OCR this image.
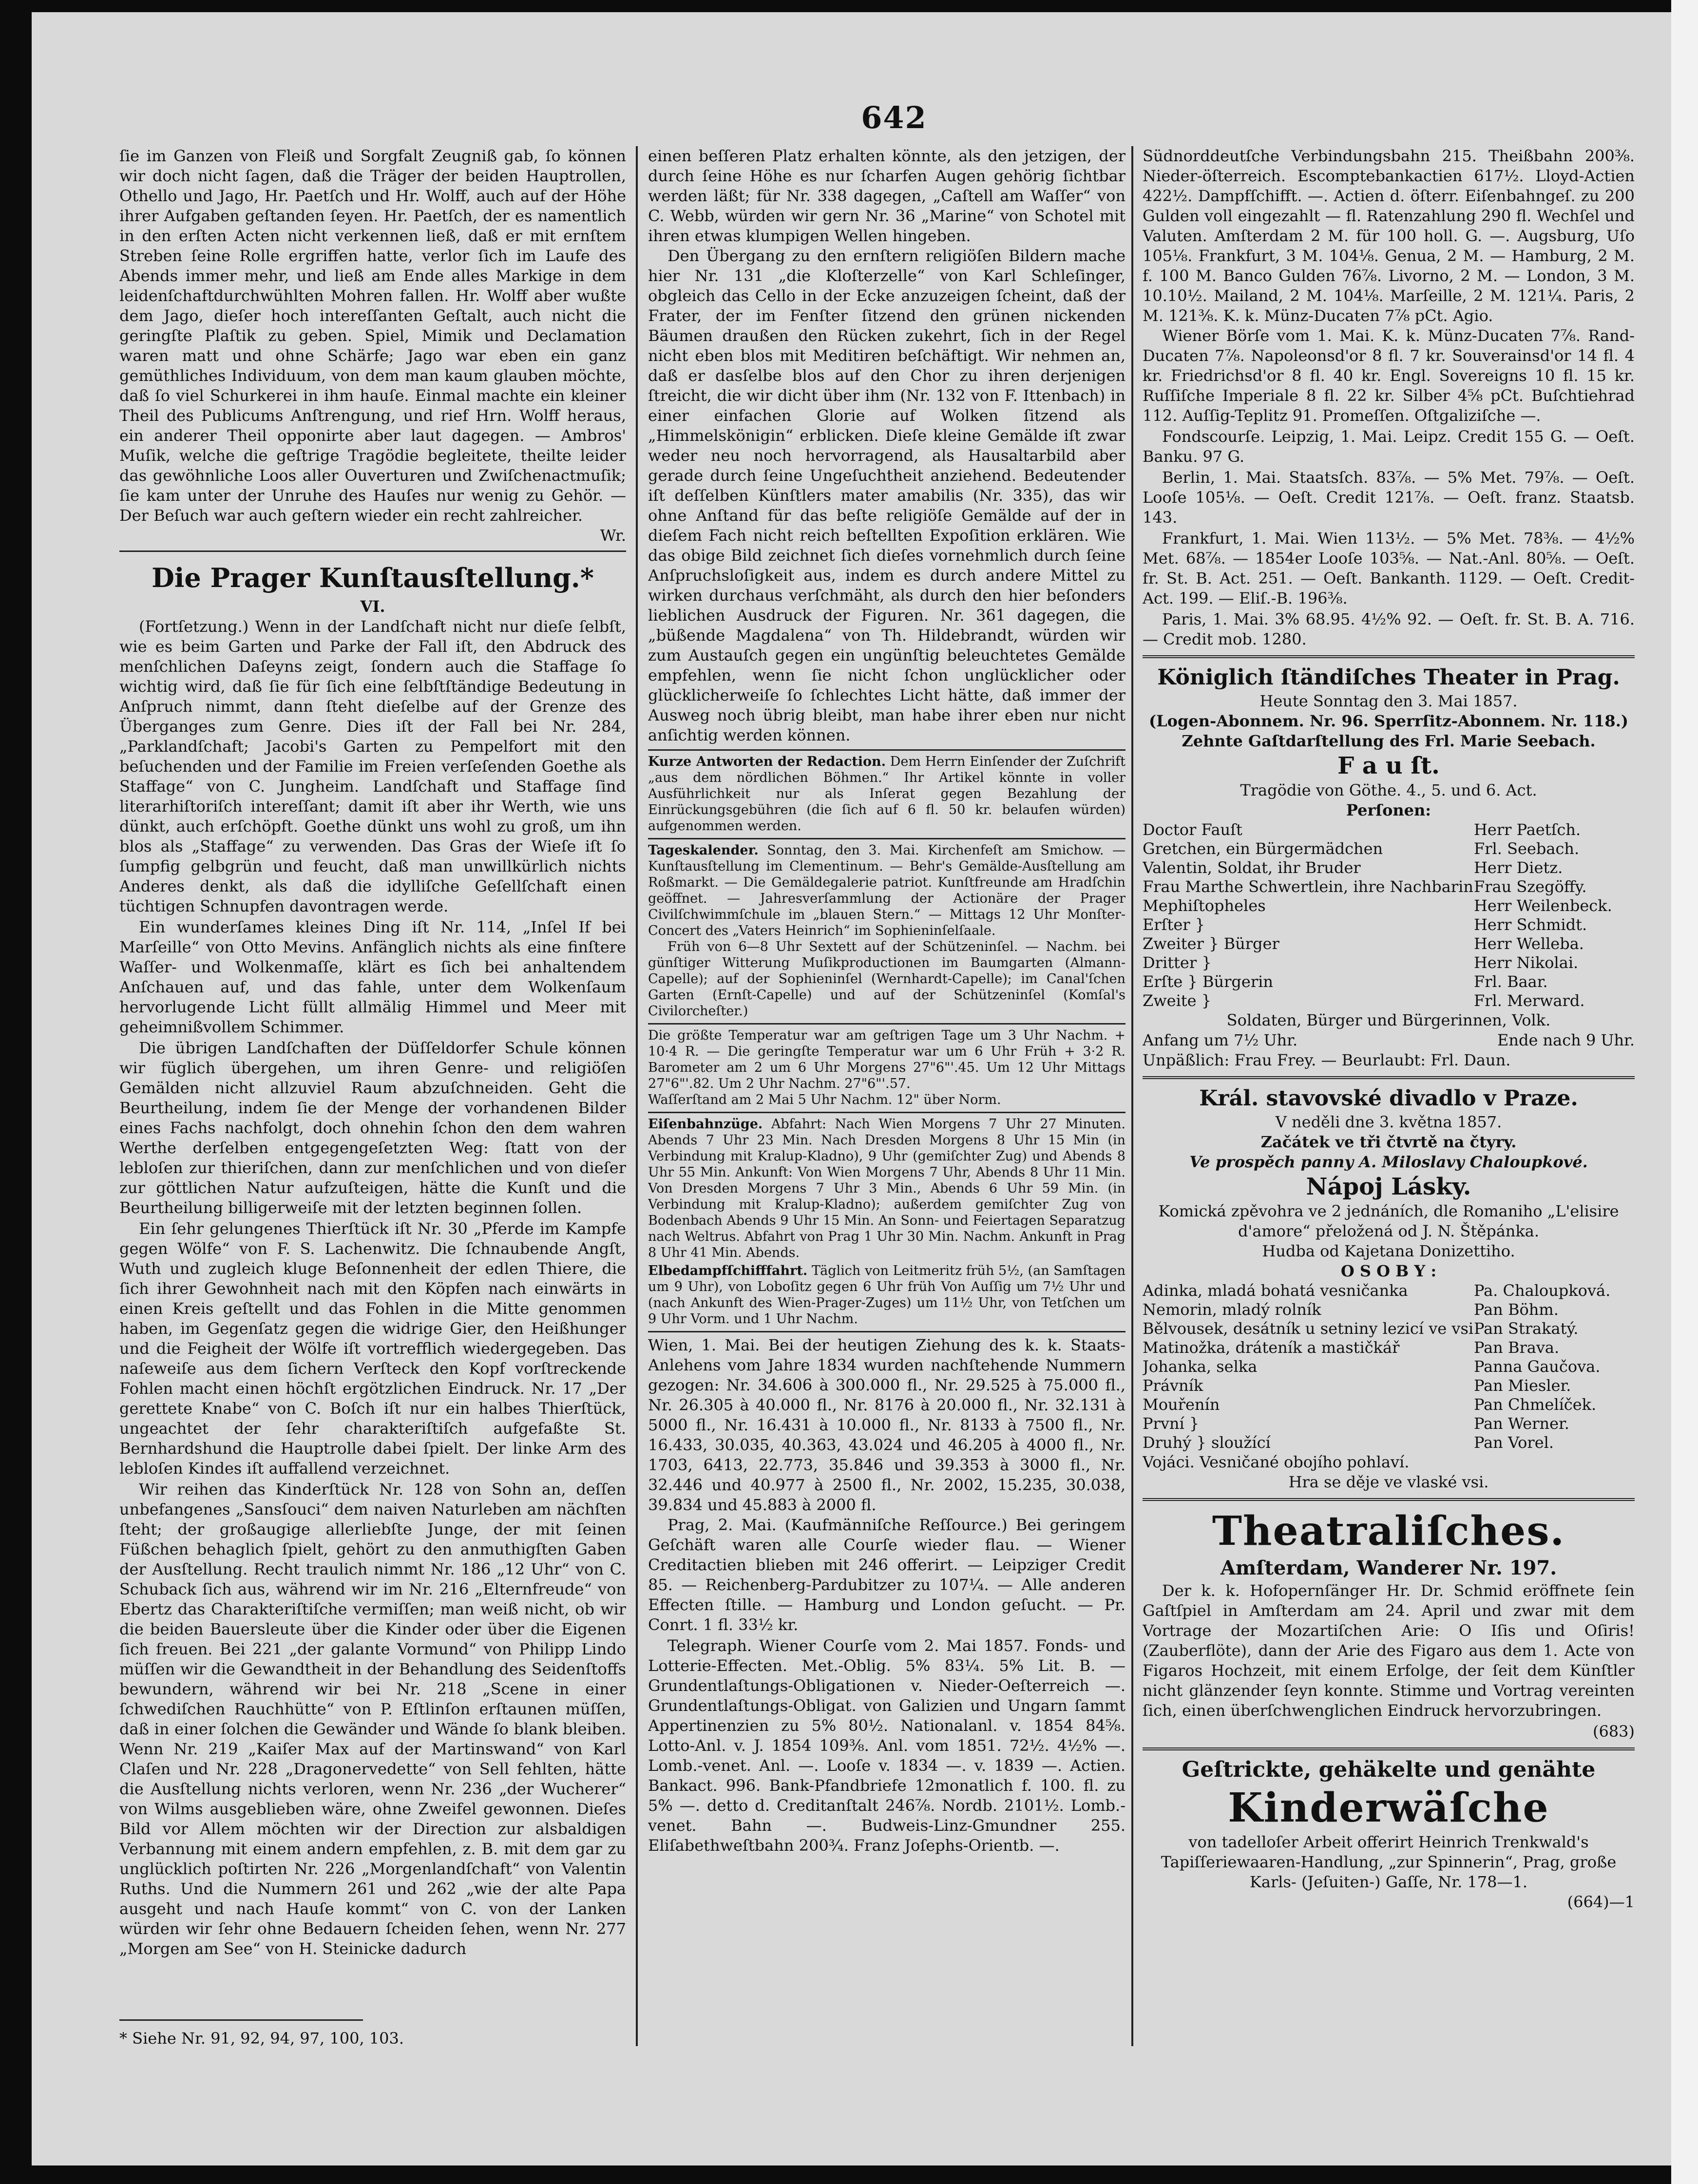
642

ſie im Ganzen von Fleiß und Sorgfalt Zeugniß gab, ſo können wir doch nicht ſagen, daß die Träger der beiden Hauptrollen, Othello und Jago, Hr. Paetſch und Hr. Wolff, auch auf der Höhe ihrer Aufgaben geſtanden ſeyen. Hr. Paetſch, der es namentlich in den erſten Acten nicht verkennen ließ, daß er mit ernſtem Streben ſeine Rolle ergriffen hatte, verlor ſich im Laufe des Abends immer mehr, und ließ am Ende alles Markige in dem leidenſchaftdurchwühlten Mohren fallen. Hr. Wolff aber wußte dem Jago, dieſer hoch intereſſanten Geſtalt, auch nicht die geringſte Plaſtik zu geben. Spiel, Mimik und Declamation waren matt und ohne Schärfe; Jago war eben ein ganz gemüthliches Individuum, von dem man kaum glauben möchte, daß ſo viel Schurkerei in ihm hauſe. Einmal machte ein kleiner Theil des Publicums Anſtrengung, und rief Hrn. Wolff heraus, ein anderer Theil opponirte aber laut dagegen. — Ambros' Muſik, welche die geſtrige Tragödie begleitete, theilte leider das gewöhnliche Loos aller Ouverturen und Zwiſchenactmuſik; ſie kam unter der Unruhe des Hauſes nur wenig zu Gehör. — Der Beſuch war auch geſtern wieder ein recht zahlreicher.

Wr.

Die Prager Kunſtausſtellung.*

VI.

(Fortſetzung.) Wenn in der Landſchaft nicht nur dieſe ſelbſt, wie es beim Garten und Parke der Fall iſt, den Abdruck des menſchlichen Daſeyns zeigt, ſondern auch die Staffage ſo wichtig wird, daß ſie für ſich eine ſelbſtſtändige Bedeutung in Anſpruch nimmt, dann ſteht dieſelbe auf der Grenze des Überganges zum Genre. Dies iſt der Fall bei Nr. 284, „Parklandſchaft; Jacobi's Garten zu Pempelfort mit den beſuchenden und der Familie im Freien verſeſenden Goethe als Staffage“ von C. Jungheim. Landſchaft und Staffage ſind literarhiſtoriſch intereſſant; damit iſt aber ihr Werth, wie uns dünkt, auch erſchöpft. Goethe dünkt uns wohl zu groß, um ihn blos als „Staffage“ zu verwenden. Das Gras der Wieſe iſt ſo ſumpfig gelbgrün und feucht, daß man unwillkürlich nichts Anderes denkt, als daß die idylliſche Geſellſchaft einen tüchtigen Schnupfen davontragen werde.

Ein wunderſames kleines Ding iſt Nr. 114, „Inſel If bei Marſeille“ von Otto Mevins. Anfänglich nichts als eine finſtere Waſſer- und Wolkenmaſſe, klärt es ſich bei anhaltendem Anſchauen auf, und das fahle, unter dem Wolkenſaum hervorlugende Licht füllt allmälig Himmel und Meer mit geheimnißvollem Schimmer.

Die übrigen Landſchaften der Düſſeldorfer Schule können wir füglich übergehen, um ihren Genre- und religiöſen Gemälden nicht allzuviel Raum abzuſchneiden. Geht die Beurtheilung, indem ſie der Menge der vorhandenen Bilder eines Fachs nachfolgt, doch ohnehin ſchon den dem wahren Werthe derſelben entgegengeſetzten Weg: ſtatt von der lebloſen zur thieriſchen, dann zur menſchlichen und von dieſer zur göttlichen Natur aufzuſteigen, hätte die Kunſt und die Beurtheilung billigerweiſe mit der letzten beginnen ſollen.

Ein ſehr gelungenes Thierſtück iſt Nr. 30 „Pferde im Kampfe gegen Wölfe“ von F. S. Lachenwitz. Die ſchnaubende Angſt, Wuth und zugleich kluge Beſonnenheit der edlen Thiere, die ſich ihrer Gewohnheit nach mit den Köpfen nach einwärts in einen Kreis geſtellt und das Fohlen in die Mitte genommen haben, im Gegenſatz gegen die widrige Gier, den Heißhunger und die Feigheit der Wölfe iſt vortrefflich wiedergegeben. Das naſeweiſe aus dem ſichern Verſteck den Kopf vorſtreckende Fohlen macht einen höchſt ergötzlichen Eindruck. Nr. 17 „Der gerettete Knabe“ von C. Boſch iſt nur ein halbes Thierſtück, ungeachtet der ſehr charakteriſtiſch aufgefaßte St. Bernhardshund die Hauptrolle dabei ſpielt. Der linke Arm des lebloſen Kindes iſt auffallend verzeichnet.

Wir reihen das Kinderſtück Nr. 128 von Sohn an, deſſen unbefangenes „Sansſouci“ dem naiven Naturleben am nächſten ſteht; der großaugige allerliebſte Junge, der mit ſeinen Füßchen behaglich ſpielt, gehört zu den anmuthigſten Gaben der Ausſtellung. Recht traulich nimmt Nr. 186 „12 Uhr“ von C. Schuback ſich aus, während wir im Nr. 216 „Elternfreude“ von Ebertz das Charakteriſtiſche vermiſſen; man weiß nicht, ob wir die beiden Bauersleute über die Kinder oder über die Eigenen ſich freuen. Bei 221 „der galante Vormund“ von Philipp Lindo müſſen wir die Gewandtheit in der Behandlung des Seidenſtoffs bewundern, während wir bei Nr. 218 „Scene in einer ſchwediſchen Rauchhütte“ von P. Eſtlinſon erſtaunen müſſen, daß in einer ſolchen die Gewänder und Wände ſo blank bleiben. Wenn Nr. 219 „Kaiſer Max auf der Martinswand“ von Karl Claſen und Nr. 228 „Dragonervedette“ von Sell fehlten, hätte die Ausſtellung nichts verloren, wenn Nr. 236 „der Wucherer“ von Wilms ausgeblieben wäre, ohne Zweifel gewonnen. Dieſes Bild vor Allem möchten wir der Direction zur alsbaldigen Verbannung mit einem andern empfehlen, z. B. mit dem gar zu unglücklich poſtirten Nr. 226 „Morgenlandſchaft“ von Valentin Ruths. Und die Nummern 261 und 262 „wie der alte Papa ausgeht und nach Hauſe kommt“ von C. von der Lanken würden wir ſehr ohne Bedauern ſcheiden ſehen, wenn Nr. 277 „Morgen am See“ von H. Steinicke dadurch

* Siehe Nr. 91, 92, 94, 97, 100, 103.

einen beſſeren Platz erhalten könnte, als den jetzigen, der durch ſeine Höhe es nur ſcharfen Augen gehörig ſichtbar werden läßt; für Nr. 338 dagegen, „Caſtell am Waſſer“ von C. Webb, würden wir gern Nr. 36 „Marine“ von Schotel mit ihren etwas klumpigen Wellen hingeben.

Den Übergang zu den ernſtern religiöſen Bildern mache hier Nr. 131 „die Kloſterzelle“ von Karl Schleſinger, obgleich das Cello in der Ecke anzuzeigen ſcheint, daß der Frater, der im Fenſter ſitzend den grünen nickenden Bäumen draußen den Rücken zukehrt, ſich in der Regel nicht eben blos mit Meditiren beſchäftigt. Wir nehmen an, daß er dasſelbe blos auf den Chor zu ihren derjenigen ſtreicht, die wir dicht über ihm (Nr. 132 von F. Ittenbach) in einer einfachen Glorie auf Wolken ſitzend als „Himmelskönigin“ erblicken. Dieſe kleine Gemälde iſt zwar weder neu noch hervorragend, als Hausaltarbild aber gerade durch ſeine Ungeſuchtheit anziehend. Bedeutender iſt deſſelben Künſtlers mater amabilis (Nr. 335), das wir ohne Anſtand für das beſte religiöſe Gemälde auf der in dieſem Fach nicht reich beſtellten Expoſition erklären. Wie das obige Bild zeichnet ſich dieſes vornehmlich durch ſeine Anſpruchsloſigkeit aus, indem es durch andere Mittel zu wirken durchaus verſchmäht, als durch den hier beſonders lieblichen Ausdruck der Figuren. Nr. 361 dagegen, die „büßende Magdalena“ von Th. Hildebrandt, würden wir zum Austauſch gegen ein ungünſtig beleuchtetes Gemälde empfehlen, wenn ſie nicht ſchon unglücklicher oder glücklicherweiſe ſo ſchlechtes Licht hätte, daß immer der Ausweg noch übrig bleibt, man habe ihrer eben nur nicht anſichtig werden können.

Kurze Antworten der Redaction. Dem Herrn Einſender der Zuſchrift „aus dem nördlichen Böhmen.“ Ihr Artikel könnte in voller Ausführlichkeit nur als Inſerat gegen Bezahlung der Einrückungsgebühren (die ſich auf 6 fl. 50 kr. belaufen würden) aufgenommen werden.
Tageskalender. Sonntag, den 3. Mai. Kirchenfeſt am Smichow. — Kunſtausſtellung im Clementinum. — Behr's Gemälde-Ausſtellung am Roßmarkt. — Die Gemäldegalerie patriot. Kunſtfreunde am Hradſchin geöffnet. — Jahresverſammlung der Actionäre der Prager Civilſchwimmſchule im „blauen Stern.“ — Mittags 12 Uhr Monſter-Concert des „Vaters Heinrich“ im Sophieninſelſaale.

Früh von 6—8 Uhr Sextett auf der Schützeninſel. — Nachm. bei günſtiger Witterung Muſikproductionen im Baumgarten (Almann-Capelle); auf der Sophieninſel (Wernhardt-Capelle); im Canal'ſchen Garten (Ernſt-Capelle) und auf der Schützeninſel (Komſal's Civilorcheſter.)

Die größte Temperatur war am geſtrigen Tage um 3 Uhr Nachm. + 10·4 R. — Die geringſte Temperatur war um 6 Uhr Früh + 3·2 R. Barometer am 2 um 6 Uhr Morgens 27"6"'.45. Um 12 Uhr Mittags 27"6"'.82. Um 2 Uhr Nachm. 27"6"'.57.

Waſſerſtand am 2 Mai 5 Uhr Nachm. 12" über Norm.

Eiſenbahnzüge. Abfahrt: Nach Wien Morgens 7 Uhr 27 Minuten. Abends 7 Uhr 23 Min. Nach Dresden Morgens 8 Uhr 15 Min (in Verbindung mit Kralup-Kladno), 9 Uhr (gemiſchter Zug) und Abends 8 Uhr 55 Min. Ankunft: Von Wien Morgens 7 Uhr, Abends 8 Uhr 11 Min. Von Dresden Morgens 7 Uhr 3 Min., Abends 6 Uhr 59 Min. (in Verbindung mit Kralup-Kladno); außerdem gemiſchter Zug von Bodenbach Abends 9 Uhr 15 Min. An Sonn- und Feiertagen Separatzug nach Weltrus. Abfahrt von Prag 1 Uhr 30 Min. Nachm. Ankunft in Prag 8 Uhr 41 Min. Abends.

Elbedampfſchifffahrt. Täglich von Leitmeritz früh 5½, (an Samſtagen um 9 Uhr), von Loboſitz gegen 6 Uhr früh Von Auſſig um 7½ Uhr und (nach Ankunft des Wien-Prager-Zuges) um 11½ Uhr, von Tetſchen um 9 Uhr Vorm. und 1 Uhr Nachm.

Wien, 1. Mai. Bei der heutigen Ziehung des k. k. Staats-Anlehens vom Jahre 1834 wurden nachſtehende Nummern gezogen: Nr. 34.606 à 300.000 fl., Nr. 29.525 à 75.000 fl., Nr. 26.305 à 40.000 fl., Nr. 8176 à 20.000 fl., Nr. 32.131 à 5000 fl., Nr. 16.431 à 10.000 fl., Nr. 8133 à 7500 fl., Nr. 16.433, 30.035, 40.363, 43.024 und 46.205 à 4000 fl., Nr. 1703, 6413, 22.773, 35.846 und 39.353 à 3000 fl., Nr. 32.446 und 40.977 à 2500 fl., Nr. 2002, 15.235, 30.038, 39.834 und 45.883 à 2000 fl.

Prag, 2. Mai. (Kaufmänniſche Reſſource.) Bei geringem Geſchäft waren alle Courſe wieder flau. — Wiener Creditactien blieben mit 246 offerirt. — Leipziger Credit 85. — Reichenberg-Pardubitzer zu 107¼. — Alle anderen Effecten ſtille. — Hamburg und London geſucht. — Pr. Conrt. 1 fl. 33½ kr.

Telegraph. Wiener Courſe vom 2. Mai 1857. Fonds- und Lotterie-Effecten. Met.-Oblig. 5% 83¼. 5% Lit. B. — Grundentlaſtungs-Obligationen v. Nieder-Oeſterreich —. Grundentlaſtungs-Obligat. von Galizien und Ungarn ſammt Appertinenzien zu 5% 80½. Nationalanl. v. 1854 84⅝. Lotto-Anl. v. J. 1854 109⅜. Anl. vom 1851. 72½. 4½% —. Lomb.-venet. Anl. —. Looſe v. 1834 —. v. 1839 —. Actien. Bankact. 996. Bank-Pfandbriefe 12monatlich f. 100. fl. zu 5% —. detto d. Creditanſtalt 246⅞. Nordb. 2101½. Lomb.-venet. Bahn —. Budweis-Linz-Gmundner 255. Eliſabethweſtbahn 200¾. Franz Joſephs-Orientb. —.

Südnorddeutſche Verbindungsbahn 215. Theißbahn 200⅜. Nieder-öſterreich. Escomptebankactien 617½. Lloyd-Actien 422½. Dampfſchifft. —. Actien d. öſterr. Eiſenbahngeſ. zu 200 Gulden voll eingezahlt — fl. Ratenzahlung 290 fl. Wechſel und Valuten. Amſterdam 2 M. für 100 holl. G. —. Augsburg, Uſo 105⅛. Frankfurt, 3 M. 104⅛. Genua, 2 M. — Hamburg, 2 M. f. 100 M. Banco Gulden 76⅞. Livorno, 2 M. — London, 3 M. 10.10½. Mailand, 2 M. 104⅛. Marſeille, 2 M. 121¼. Paris, 2 M. 121⅜. K. k. Münz-Ducaten 7⅞ pCt. Agio.

Wiener Börſe vom 1. Mai. K. k. Münz-Ducaten 7⅞. Rand-Ducaten 7⅞. Napoleonsd'or 8 fl. 7 kr. Souverainsd'or 14 fl. 4 kr. Friedrichsd'or 8 fl. 40 kr. Engl. Sovereigns 10 fl. 15 kr. Ruſſiſche Imperiale 8 fl. 22 kr. Silber 4⅝ pCt. Buſchtiehrad 112. Auſſig-Teplitz 91. Promeſſen. Oſtgaliziſche —.

Fondscourſe. Leipzig, 1. Mai. Leipz. Credit 155 G. — Oeſt. Banku. 97 G.

Berlin, 1. Mai. Staatsſch. 83⅞. — 5% Met. 79⅞. — Oeſt. Looſe 105⅛. — Oeſt. Credit 121⅞. — Oeſt. franz. Staatsb. 143.

Frankfurt, 1. Mai. Wien 113½. — 5% Met. 78⅜. — 4½% Met. 68⅞. — 1854er Looſe 103⅝. — Nat.-Anl. 80⅝. — Oeſt. fr. St. B. Act. 251. — Oeſt. Bankanth. 1129. — Oeſt. Credit-Act. 199. — Eliſ.-B. 196⅜.

Paris, 1. Mai. 3% 68.95. 4½% 92. — Oeſt. fr. St. B. A. 716. — Credit mob. 1280.

Königlich ſtändiſches Theater in Prag.

Heute Sonntag den 3. Mai 1857.

(Logen-Abonnem. Nr. 96. Sperrſitz-Abonnem. Nr. 118.)

Zehnte Gaſtdarſtellung des Frl. Marie Seebach.

F a u ſt.

Tragödie von Göthe. 4., 5. und 6. Act.

Perſonen:

Doctor Fauſt	Herr Paetſch.
Gretchen, ein Bürgermädchen	Frl. Seebach.
Valentin, Soldat, ihr Bruder	Herr Dietz.
Frau Marthe Schwertlein, ihre Nachbarin	Frau Szegöffy.
Mephiſtopheles	Herr Weilenbeck.
Erſter }	Herr Schmidt.
Zweiter } Bürger	Herr Welleba.
Dritter }	Herr Nikolai.
Erſte } Bürgerin	Frl. Baar.
Zweite }	Frl. Merward.

Soldaten, Bürger und Bürgerinnen, Volk.

Anfang um 7½ Uhr.	Ende nach 9 Uhr.

Unpäßlich: Frau Frey. — Beurlaubt: Frl. Daun.

Král. stavovské divadlo v Praze.

V neděli dne 3. května 1857.

Začátek ve tři čtvrtě na čtyry.

Ve prospěch panny A. Miloslavy Chaloupkové.

Nápoj Lásky.

Komická zpěvohra ve 2 jednáních, dle Romaniho „L'elisire d'amore“ přeložená od J. N. Štěpánka.

Hudba od Kajetana Donizettiho.

O S O B Y :

Adinka, mladá bohatá vesničanka	Pa. Chaloupková.
Nemorin, mladý rolník	Pan Böhm.
Bělvousek, desátník u setniny lezicí ve vsi	Pan Strakatý.
Matinožka, dráteník a mastičkář	Pan Brava.
Johanka, selka	Panna Gaučova.
Právník	Pan Miesler.
Mouřenín	Pan Chmelíček.
První }	Pan Werner.
Druhý } sloužící	Pan Vorel.

Vojáci. Vesničané obojího pohlaví.

Hra se děje ve vlaské vsi.

Theatraliſches.

Amſterdam, Wanderer Nr. 197.

Der k. k. Hofopernſänger Hr. Dr. Schmid eröffnete ſein Gaſtſpiel in Amſterdam am 24. April und zwar mit dem Vortrage der Mozartiſchen Arie: O Iſis und Oſiris! (Zauberflöte), dann der Arie des Figaro aus dem 1. Acte von Figaros Hochzeit, mit einem Erfolge, der ſeit dem Künſtler nicht glänzender ſeyn konnte. Stimme und Vortrag vereinten ſich, einen überſchwenglichen Eindruck hervorzubringen.

(683)

Geſtrickte, gehäkelte und genähte

Kinderwäſche

von tadelloſer Arbeit offerirt Heinrich Trenkwald's Tapiſſeriewaaren-Handlung, „zur Spinnerin“, Prag, große Karls- (Jeſuiten-) Gaſſe, Nr. 178—1.

(664)—1
